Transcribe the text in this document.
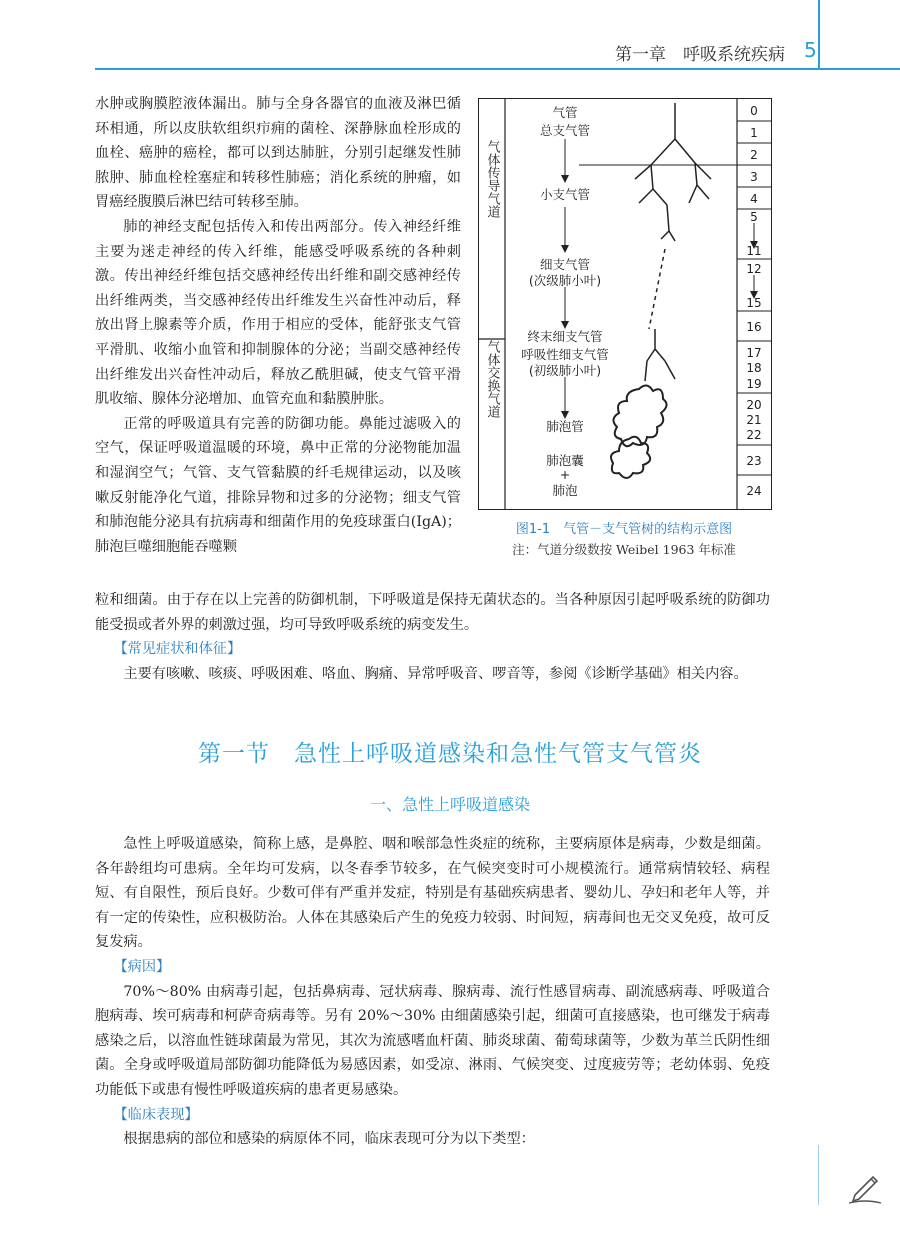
第一章　呼吸系统疾病 5

水肿或胸膜腔液体漏出。肺与全身各器官的血液及淋巴循环相通，所以皮肤软组织疖痈的菌栓、深静脉血栓形成的血栓、癌肿的癌栓，都可以到达肺脏，分别引起继发性肺脓肿、肺血栓栓塞症和转移性肺癌；消化系统的肿瘤，如胃癌经腹膜后淋巴结可转移至肺。

肺的神经支配包括传入和传出两部分。传入神经纤维主要为迷走神经的传入纤维，能感受呼吸系统的各种刺激。传出神经纤维包括交感神经传出纤维和副交感神经传出纤维两类，当交感神经传出纤维发生兴奋性冲动后，释放出肾上腺素等介质，作用于相应的受体，能舒张支气管平滑肌、收缩小血管和抑制腺体的分泌；当副交感神经传出纤维发出兴奋性冲动后，释放乙酰胆碱，使支气管平滑肌收缩、腺体分泌增加、血管充血和黏膜肿胀。

正常的呼吸道具有完善的防御功能。鼻能过滤吸入的空气，保证呼吸道温暖的环境，鼻中正常的分泌物能加温和湿润空气；气管、支气管黏膜的纤毛规律运动，以及咳嗽反射能净化气道，排除异物和过多的分泌物；细支气管和肺泡能分泌具有抗病毒和细菌作用的免疫球蛋白(IgA)；肺泡巨噬细胞能吞噬颗

气体传导气道
气体交换气道
气管
总支气管
小支气管
细支气管
(次级肺小叶)
终末细支气管
呼吸性细支气管
(初级肺小叶)
肺泡管
肺泡囊
+
肺泡
0
1
2
3
4
5
11
12
15
16
17
18
19
20
21
22
23
24
图1-1　气管－支气管树的结构示意图
注：气道分级数按 Weibel 1963 年标准

粒和细菌。由于存在以上完善的防御机制，下呼吸道是保持无菌状态的。当各种原因引起呼吸系统的防御功能受损或者外界的刺激过强，均可导致呼吸系统的病变发生。

【常见症状和体征】

主要有咳嗽、咳痰、呼吸困难、咯血、胸痛、异常呼吸音、啰音等，参阅《诊断学基础》相关内容。

第一节　急性上呼吸道感染和急性气管支气管炎
一、急性上呼吸道感染

急性上呼吸道感染，简称上感，是鼻腔、咽和喉部急性炎症的统称，主要病原体是病毒，少数是细菌。各年龄组均可患病。全年均可发病，以冬春季节较多，在气候突变时可小规模流行。通常病情较轻、病程短、有自限性，预后良好。少数可伴有严重并发症，特别是有基础疾病患者、婴幼儿、孕妇和老年人等，并有一定的传染性，应积极防治。人体在其感染后产生的免疫力较弱、时间短，病毒间也无交叉免疫，故可反复发病。

【病因】

70%～80% 由病毒引起，包括鼻病毒、冠状病毒、腺病毒、流行性感冒病毒、副流感病毒、呼吸道合胞病毒、埃可病毒和柯萨奇病毒等。另有 20%～30% 由细菌感染引起，细菌可直接感染，也可继发于病毒感染之后，以溶血性链球菌最为常见，其次为流感嗜血杆菌、肺炎球菌、葡萄球菌等，少数为革兰氏阴性细菌。全身或呼吸道局部防御功能降低为易感因素，如受凉、淋雨、气候突变、过度疲劳等；老幼体弱、免疫功能低下或患有慢性呼吸道疾病的患者更易感染。

【临床表现】

根据患病的部位和感染的病原体不同，临床表现可分为以下类型：
